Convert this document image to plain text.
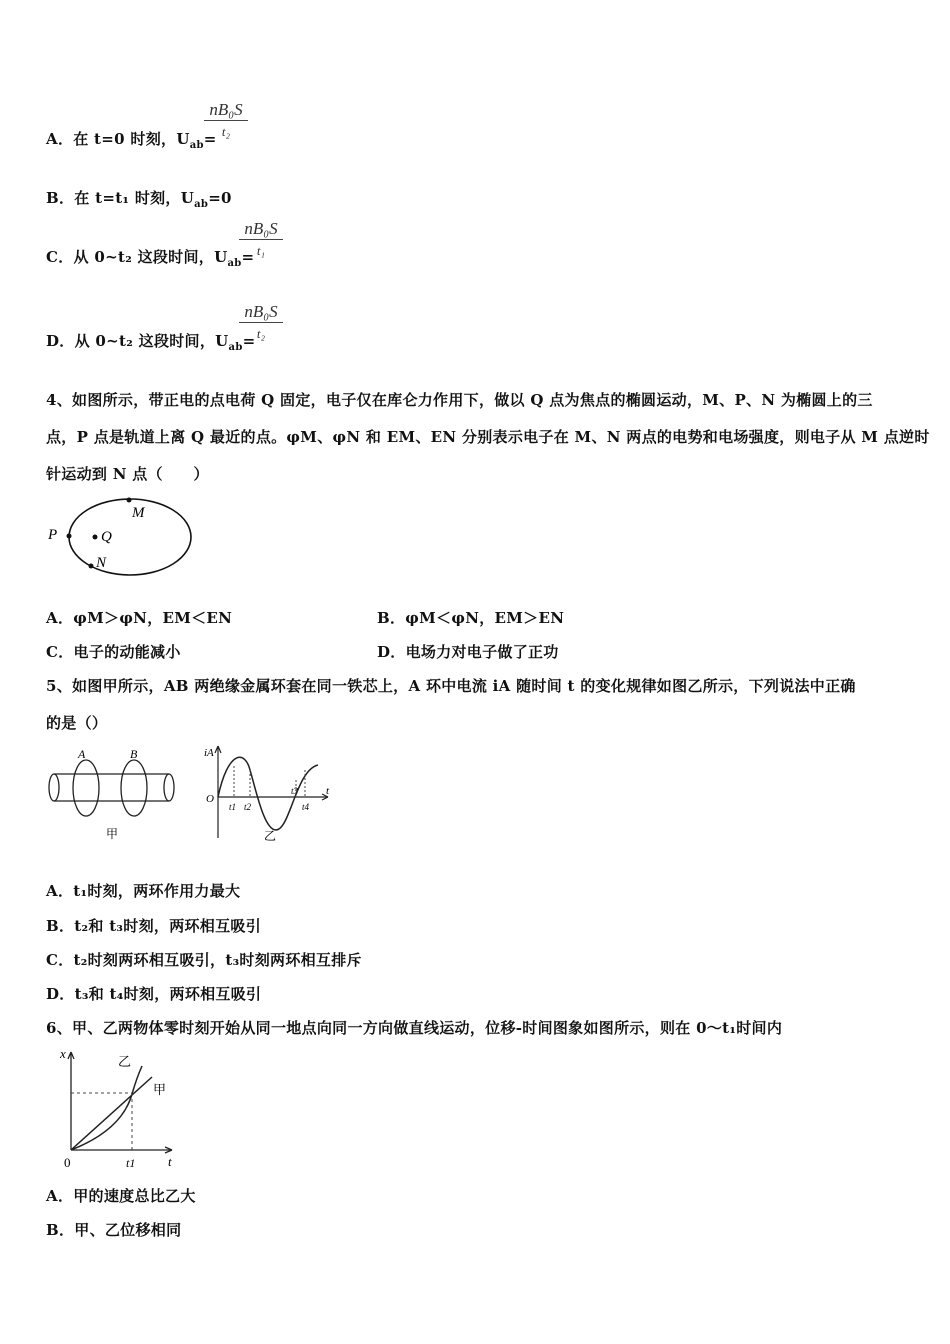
A．在 t=0 时刻，$U_{ab}=$
nB₀S
t₂
B．在 t=t₁ 时刻，$U_{ab}=0$
C．从 0~t₂ 这段时间，$U_{ab}=$
nB₀S
t₁
D．从 0~t₂ 这段时间，$U_{ab}=$
nB₀S
t₂
4、如图所示，带正电的点电荷 Q 固定，电子仅在库仑力作用下，做以 Q 点为焦点的椭圆运动，M、P、N 为椭圆上的三
点，P 点是轨道上离 Q 最近的点。φM、φN 和 EM、EN 分别表示电子在 M、N 两点的电势和电场强度，则电子从 M 点逆时
针运动到 N 点（　　）
P	Q
M
N
A．φM＞φN，EM＜EN	B．φM＜φN，EM＞EN
C．电子的动能减小	D．电场力对电子做了正功
5、如图甲所示，AB 两绝缘金属环套在同一铁芯上，A 环中电流 iA 随时间 t 的变化规律如图乙所示，下列说法中正确
的是（）
A	B
甲
iA
O
t
t1 t2
t3
t4
乙
A．t₁时刻，两环作用力最大
B．t₂和 t₃时刻，两环相互吸引
C．t₂时刻两环相互吸引，t₃时刻两环相互排斥
D．t₃和 t₄时刻，两环相互吸引
6、甲、乙两物体零时刻开始从同一地点向同一方向做直线运动，位移-时间图象如图所示，则在 0～t₁时间内
x
t
0	t1
乙
甲
A．甲的速度总比乙大
B．甲、乙位移相同
